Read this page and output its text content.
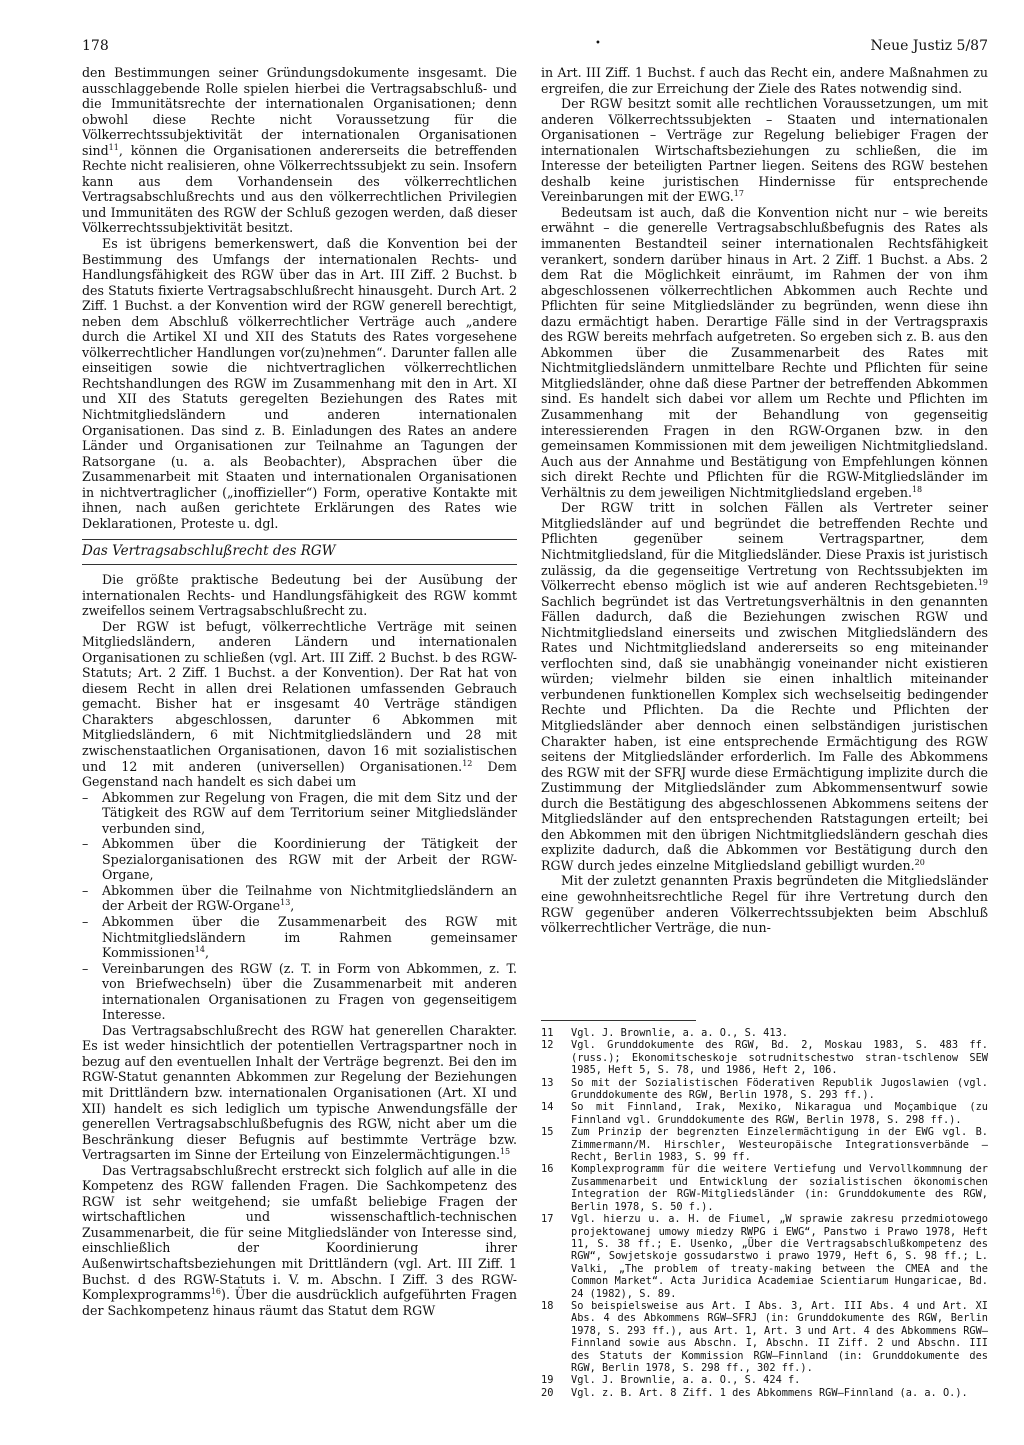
178	•	Neue Justiz 5/87

den Bestimmungen seiner Gründungsdokumente insgesamt. Die ausschlaggebende Rolle spielen hierbei die Vertragsabschluß- und die Immunitätsrechte der internationalen Organisationen; denn obwohl diese Rechte nicht Voraussetzung für die Völkerrechtssubjektivität der internationalen Organisationen sind$^{11}$, können die Organisationen andererseits die betreffenden Rechte nicht realisieren, ohne Völkerrechtssubjekt zu sein. Insofern kann aus dem Vorhandensein des völkerrechtlichen Vertragsabschlußrechts und aus den völkerrechtlichen Privilegien und Immunitäten des RGW der Schluß gezogen werden, daß dieser Völkerrechtssubjektivität besitzt.

Es ist übrigens bemerkenswert, daß die Konvention bei der Bestimmung des Umfangs der internationalen Rechts- und Handlungsfähigkeit des RGW über das in Art. III Ziff. 2 Buchst. b des Statuts fixierte Vertragsabschlußrecht hinausgeht. Durch Art. 2 Ziff. 1 Buchst. a der Konvention wird der RGW generell berechtigt, neben dem Abschluß völkerrechtlicher Verträge auch „andere durch die Artikel XI und XII des Statuts des Rates vorgesehene völkerrechtlicher Handlungen vor(zu)nehmen“. Darunter fallen alle einseitigen sowie die nichtvertraglichen völkerrechtlichen Rechtshandlungen des RGW im Zusammenhang mit den in Art. XI und XII des Statuts geregelten Beziehungen des Rates mit Nichtmitgliedsländern und anderen internationalen Organisationen. Das sind z. B. Einladungen des Rates an andere Länder und Organisationen zur Teilnahme an Tagungen der Ratsorgane (u. a. als Beobachter), Absprachen über die Zusammenarbeit mit Staaten und internationalen Organisationen in nichtvertraglicher („inoffizieller“) Form, operative Kontakte mit ihnen, nach außen gerichtete Erklärungen des Rates wie Deklarationen, Proteste u. dgl.

Das Vertragsabschlußrecht des RGW

Die größte praktische Bedeutung bei der Ausübung der internationalen Rechts- und Handlungsfähigkeit des RGW kommt zweifellos seinem Vertragsabschlußrecht zu.

Der RGW ist befugt, völkerrechtliche Verträge mit seinen Mitgliedsländern, anderen Ländern und internationalen Organisationen zu schließen (vgl. Art. III Ziff. 2 Buchst. b des RGW-Statuts; Art. 2 Ziff. 1 Buchst. a der Konvention). Der Rat hat von diesem Recht in allen drei Relationen umfassenden Gebrauch gemacht. Bisher hat er insgesamt 40 Verträge ständigen Charakters abgeschlossen, darunter 6 Abkommen mit Mitgliedsländern, 6 mit Nichtmitgliedsländern und 28 mit zwischenstaatlichen Organisationen, davon 16 mit sozialistischen und 12 mit anderen (universellen) Organisationen.$^{12}$ Dem Gegenstand nach handelt es sich dabei um

– Abkommen zur Regelung von Fragen, die mit dem Sitz und der Tätigkeit des RGW auf dem Territorium seiner Mitgliedsländer verbunden sind,
– Abkommen über die Koordinierung der Tätigkeit der Spezialorganisationen des RGW mit der Arbeit der RGW-Organe,
– Abkommen über die Teilnahme von Nichtmitgliedsländern an der Arbeit der RGW-Organe$^{13}$,
– Abkommen über die Zusammenarbeit des RGW mit Nichtmitgliedsländern im Rahmen gemeinsamer Kommissionen$^{14}$,
– Vereinbarungen des RGW (z. T. in Form von Abkommen, z. T. von Briefwechseln) über die Zusammenarbeit mit anderen internationalen Organisationen zu Fragen von gegenseitigem Interesse.

Das Vertragsabschlußrecht des RGW hat generellen Charakter. Es ist weder hinsichtlich der potentiellen Vertragspartner noch in bezug auf den eventuellen Inhalt der Verträge begrenzt. Bei den im RGW-Statut genannten Abkommen zur Regelung der Beziehungen mit Drittländern bzw. internationalen Organisationen (Art. XI und XII) handelt es sich lediglich um typische Anwendungsfälle der generellen Vertragsabschlußbefugnis des RGW, nicht aber um die Beschränkung dieser Befugnis auf bestimmte Verträge bzw. Vertragsarten im Sinne der Erteilung von Einzelermächtigungen.$^{15}$

Das Vertragsabschlußrecht erstreckt sich folglich auf alle in die Kompetenz des RGW fallenden Fragen. Die Sachkompetenz des RGW ist sehr weitgehend; sie umfaßt beliebige Fragen der wirtschaftlichen und wissenschaftlich-technischen Zusammenarbeit, die für seine Mitgliedsländer von Interesse sind, einschließlich der Koordinierung ihrer Außenwirtschaftsbeziehungen mit Drittländern (vgl. Art. III Ziff. 1 Buchst. d des RGW-Statuts i. V. m. Abschn. I Ziff. 3 des RGW-Komplexprogramms$^{16}$). Über die ausdrücklich aufgeführten Fragen der Sachkompetenz hinaus räumt das Statut dem RGW

in Art. III Ziff. 1 Buchst. f auch das Recht ein, andere Maßnahmen zu ergreifen, die zur Erreichung der Ziele des Rates notwendig sind.

Der RGW besitzt somit alle rechtlichen Voraussetzungen, um mit anderen Völkerrechtssubjekten – Staaten und internationalen Organisationen – Verträge zur Regelung beliebiger Fragen der internationalen Wirtschaftsbeziehungen zu schließen, die im Interesse der beteiligten Partner liegen. Seitens des RGW bestehen deshalb keine juristischen Hindernisse für entsprechende Vereinbarungen mit der EWG.$^{17}$

Bedeutsam ist auch, daß die Konvention nicht nur – wie bereits erwähnt – die generelle Vertragsabschlußbefugnis des Rates als immanenten Bestandteil seiner internationalen Rechtsfähigkeit verankert, sondern darüber hinaus in Art. 2 Ziff. 1 Buchst. a Abs. 2 dem Rat die Möglichkeit einräumt, im Rahmen der von ihm abgeschlossenen völkerrechtlichen Abkommen auch Rechte und Pflichten für seine Mitgliedsländer zu begründen, wenn diese ihn dazu ermächtigt haben. Derartige Fälle sind in der Vertragspraxis des RGW bereits mehrfach aufgetreten. So ergeben sich z. B. aus den Abkommen über die Zusammenarbeit des Rates mit Nichtmitgliedsländern unmittelbare Rechte und Pflichten für seine Mitgliedsländer, ohne daß diese Partner der betreffenden Abkommen sind. Es handelt sich dabei vor allem um Rechte und Pflichten im Zusammenhang mit der Behandlung von gegenseitig interessierenden Fragen in den RGW-Organen bzw. in den gemeinsamen Kommissionen mit dem jeweiligen Nichtmitgliedsland. Auch aus der Annahme und Bestätigung von Empfehlungen können sich direkt Rechte und Pflichten für die RGW-Mitgliedsländer im Verhältnis zu dem jeweiligen Nichtmitgliedsland ergeben.$^{18}$

Der RGW tritt in solchen Fällen als Vertreter seiner Mitgliedsländer auf und begründet die betreffenden Rechte und Pflichten gegenüber seinem Vertragspartner, dem Nichtmitgliedsland, für die Mitgliedsländer. Diese Praxis ist juristisch zulässig, da die gegenseitige Vertretung von Rechtssubjekten im Völkerrecht ebenso möglich ist wie auf anderen Rechtsgebieten.$^{19}$ Sachlich begründet ist das Vertretungsverhältnis in den genannten Fällen dadurch, daß die Beziehungen zwischen RGW und Nichtmitgliedsland einerseits und zwischen Mitgliedsländern des Rates und Nichtmitgliedsland andererseits so eng miteinander verflochten sind, daß sie unabhängig voneinander nicht existieren würden; vielmehr bilden sie einen inhaltlich miteinander verbundenen funktionellen Komplex sich wechselseitig bedingender Rechte und Pflichten. Da die Rechte und Pflichten der Mitgliedsländer aber dennoch einen selbständigen juristischen Charakter haben, ist eine entsprechende Ermächtigung des RGW seitens der Mitgliedsländer erforderlich. Im Falle des Abkommens des RGW mit der SFRJ wurde diese Ermächtigung implizite durch die Zustimmung der Mitgliedsländer zum Abkommensentwurf sowie durch die Bestätigung des abgeschlossenen Abkommens seitens der Mitgliedsländer auf den entsprechenden Ratstagungen erteilt; bei den Abkommen mit den übrigen Nichtmitgliedsländern geschah dies explizite dadurch, daß die Abkommen vor Bestätigung durch den RGW durch jedes einzelne Mitgliedsland gebilligt wurden.$^{20}$

Mit der zuletzt genannten Praxis begründeten die Mitgliedsländer eine gewohnheitsrechtliche Regel für ihre Vertretung durch den RGW gegenüber anderen Völkerrechtssubjekten beim Abschluß völkerrechtlicher Verträge, die nun-

11 Vgl. J. Brownlie, a. a. O., S. 413.
12 Vgl. Grunddokumente des RGW, Bd. 2, Moskau 1983, S. 483 ff. (russ.); Ekonomitscheskoje sotrudnitschestwo stran-tschlenow SEW 1985, Heft 5, S. 78, und 1986, Heft 2, 106.
13 So mit der Sozialistischen Föderativen Republik Jugoslawien (vgl. Grunddokumente des RGW, Berlin 1978, S. 293 ff.).
14 So mit Finnland, Irak, Mexiko, Nikaragua und Moçambique (zu Finnland vgl. Grunddokumente des RGW, Berlin 1978, S. 298 ff.).
15 Zum Prinzip der begrenzten Einzelermächtigung in der EWG vgl. B. Zimmermann/M. Hirschler, Westeuropäische Integrationsverbände – Recht, Berlin 1983, S. 99 ff.
16 Komplexprogramm für die weitere Vertiefung und Vervollkommnung der Zusammenarbeit und Entwicklung der sozialistischen ökonomischen Integration der RGW-Mitgliedsländer (in: Grunddokumente des RGW, Berlin 1978, S. 50 f.).
17 Vgl. hierzu u. a. H. de Fiumel, „W sprawie zakresu przedmiotowego projektowanej umowy miedzy RWPG i EWG“, Panstwo i Prawo 1978, Heft 11, S. 38 ff.; E. Usenko, „Über die Vertragsabschlußkompetenz des RGW“, Sowjetskoje gossudarstwo i prawo 1979, Heft 6, S. 98 ff.; L. Valki, „The problem of treaty-making between the CMEA and the Common Market“. Acta Juridica Academiae Scientiarum Hungaricae, Bd. 24 (1982), S. 89.
18 So beispielsweise aus Art. I Abs. 3, Art. III Abs. 4 und Art. XI Abs. 4 des Abkommens RGW–SFRJ (in: Grunddokumente des RGW, Berlin 1978, S. 293 ff.), aus Art. 1, Art. 3 und Art. 4 des Abkommens RGW–Finnland sowie aus Abschn. I, Abschn. II Ziff. 2 und Abschn. III des Statuts der Kommission RGW–Finnland (in: Grunddokumente des RGW, Berlin 1978, S. 298 ff., 302 ff.).
19 Vgl. J. Brownlie, a. a. O., S. 424 f.
20 Vgl. z. B. Art. 8 Ziff. 1 des Abkommens RGW–Finnland (a. a. O.).
